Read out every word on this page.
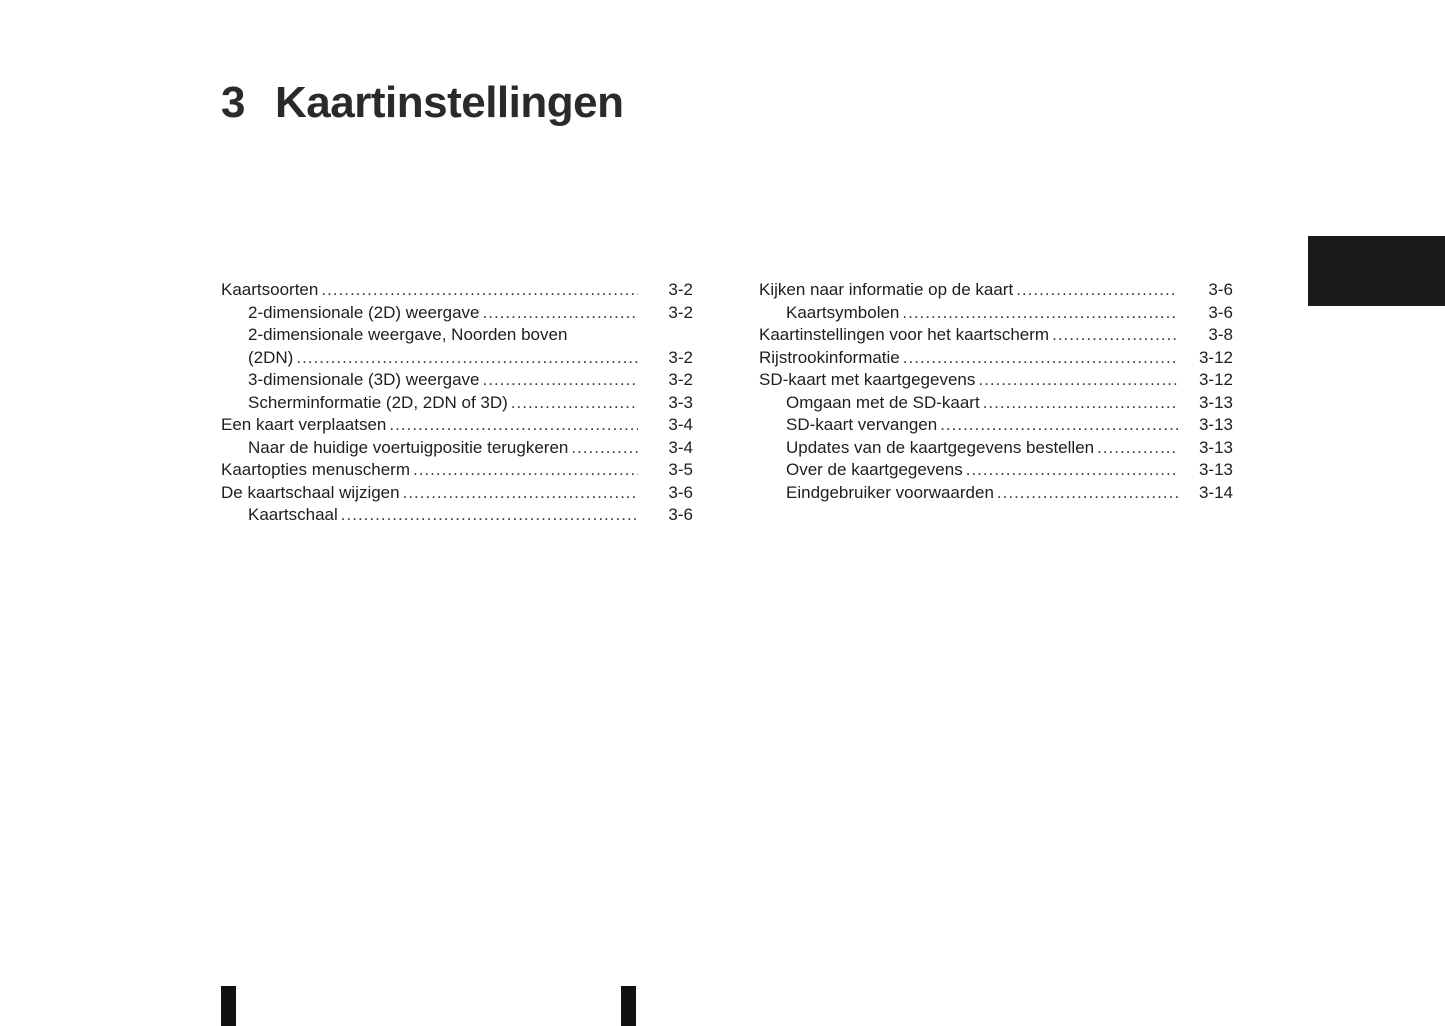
3 Kaartinstellingen
Kaartsoorten .....	3-2
2-dimensionale (2D) weergave .....	3-2
2-dimensionale weergave, Noorden boven
(2DN) .....	3-2
3-dimensionale (3D) weergave .....	3-2
Scherminformatie (2D, 2DN of 3D) .....	3-3
Een kaart verplaatsen .....	3-4
Naar de huidige voertuigpositie terugkeren .....	3-4
Kaartopties menuscherm .....	3-5
De kaartschaal wijzigen .....	3-6
Kaartschaal .....	3-6
Kijken naar informatie op de kaart .....	3-6
Kaartsymbolen .....	3-6
Kaartinstellingen voor het kaartscherm .....	3-8
Rijstrookinformatie .....	3-12
SD-kaart met kaartgegevens .....	3-12
Omgaan met de SD-kaart .....	3-13
SD-kaart vervangen .....	3-13
Updates van de kaartgegevens bestellen .....	3-13
Over de kaartgegevens .....	3-13
Eindgebruiker voorwaarden .....	3-14
